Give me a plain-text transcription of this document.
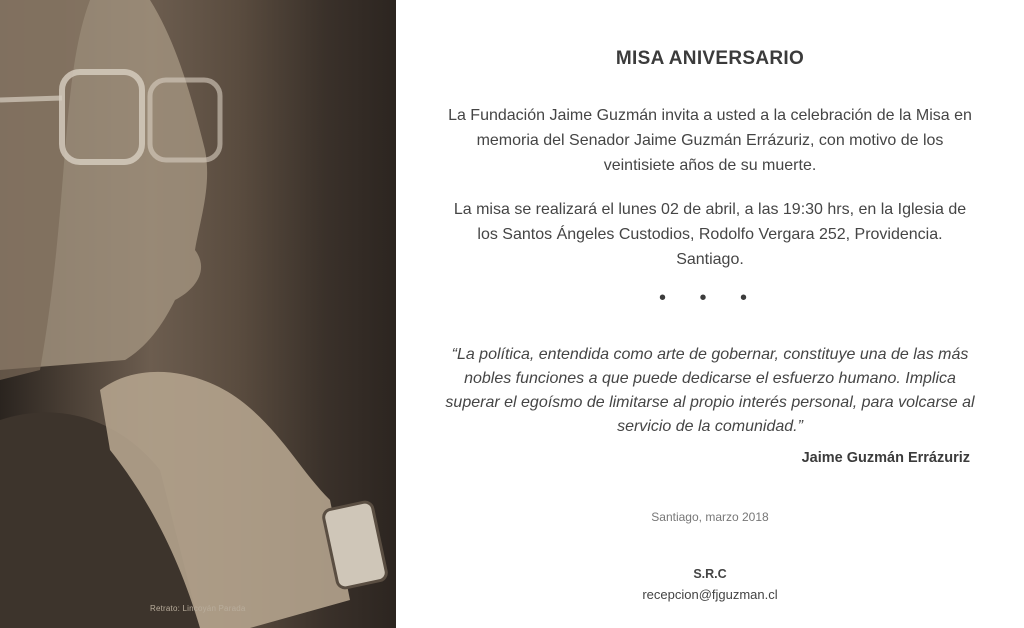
Retrato: Lincoyán Parada
MISA ANIVERSARIO
La Fundación Jaime Guzmán invita a usted a la celebración de la Misa en memoria del Senador Jaime Guzmán Errázuriz, con motivo de los veintisiete años de su muerte.
La misa se realizará el lunes 02 de abril, a las 19:30 hrs, en la Iglesia de los Santos Ángeles Custodios, Rodolfo Vergara 252, Providencia. Santiago.
• • •
“La política, entendida como arte de gobernar, constituye una de las más nobles funciones a que puede dedicarse el esfuerzo humano. Implica superar el egoísmo de limitarse al propio interés personal, para volcarse al servicio de la comunidad.”
Jaime Guzmán Errázuriz
Santiago, marzo 2018
S.R.C
recepcion@fjguzman.cl
